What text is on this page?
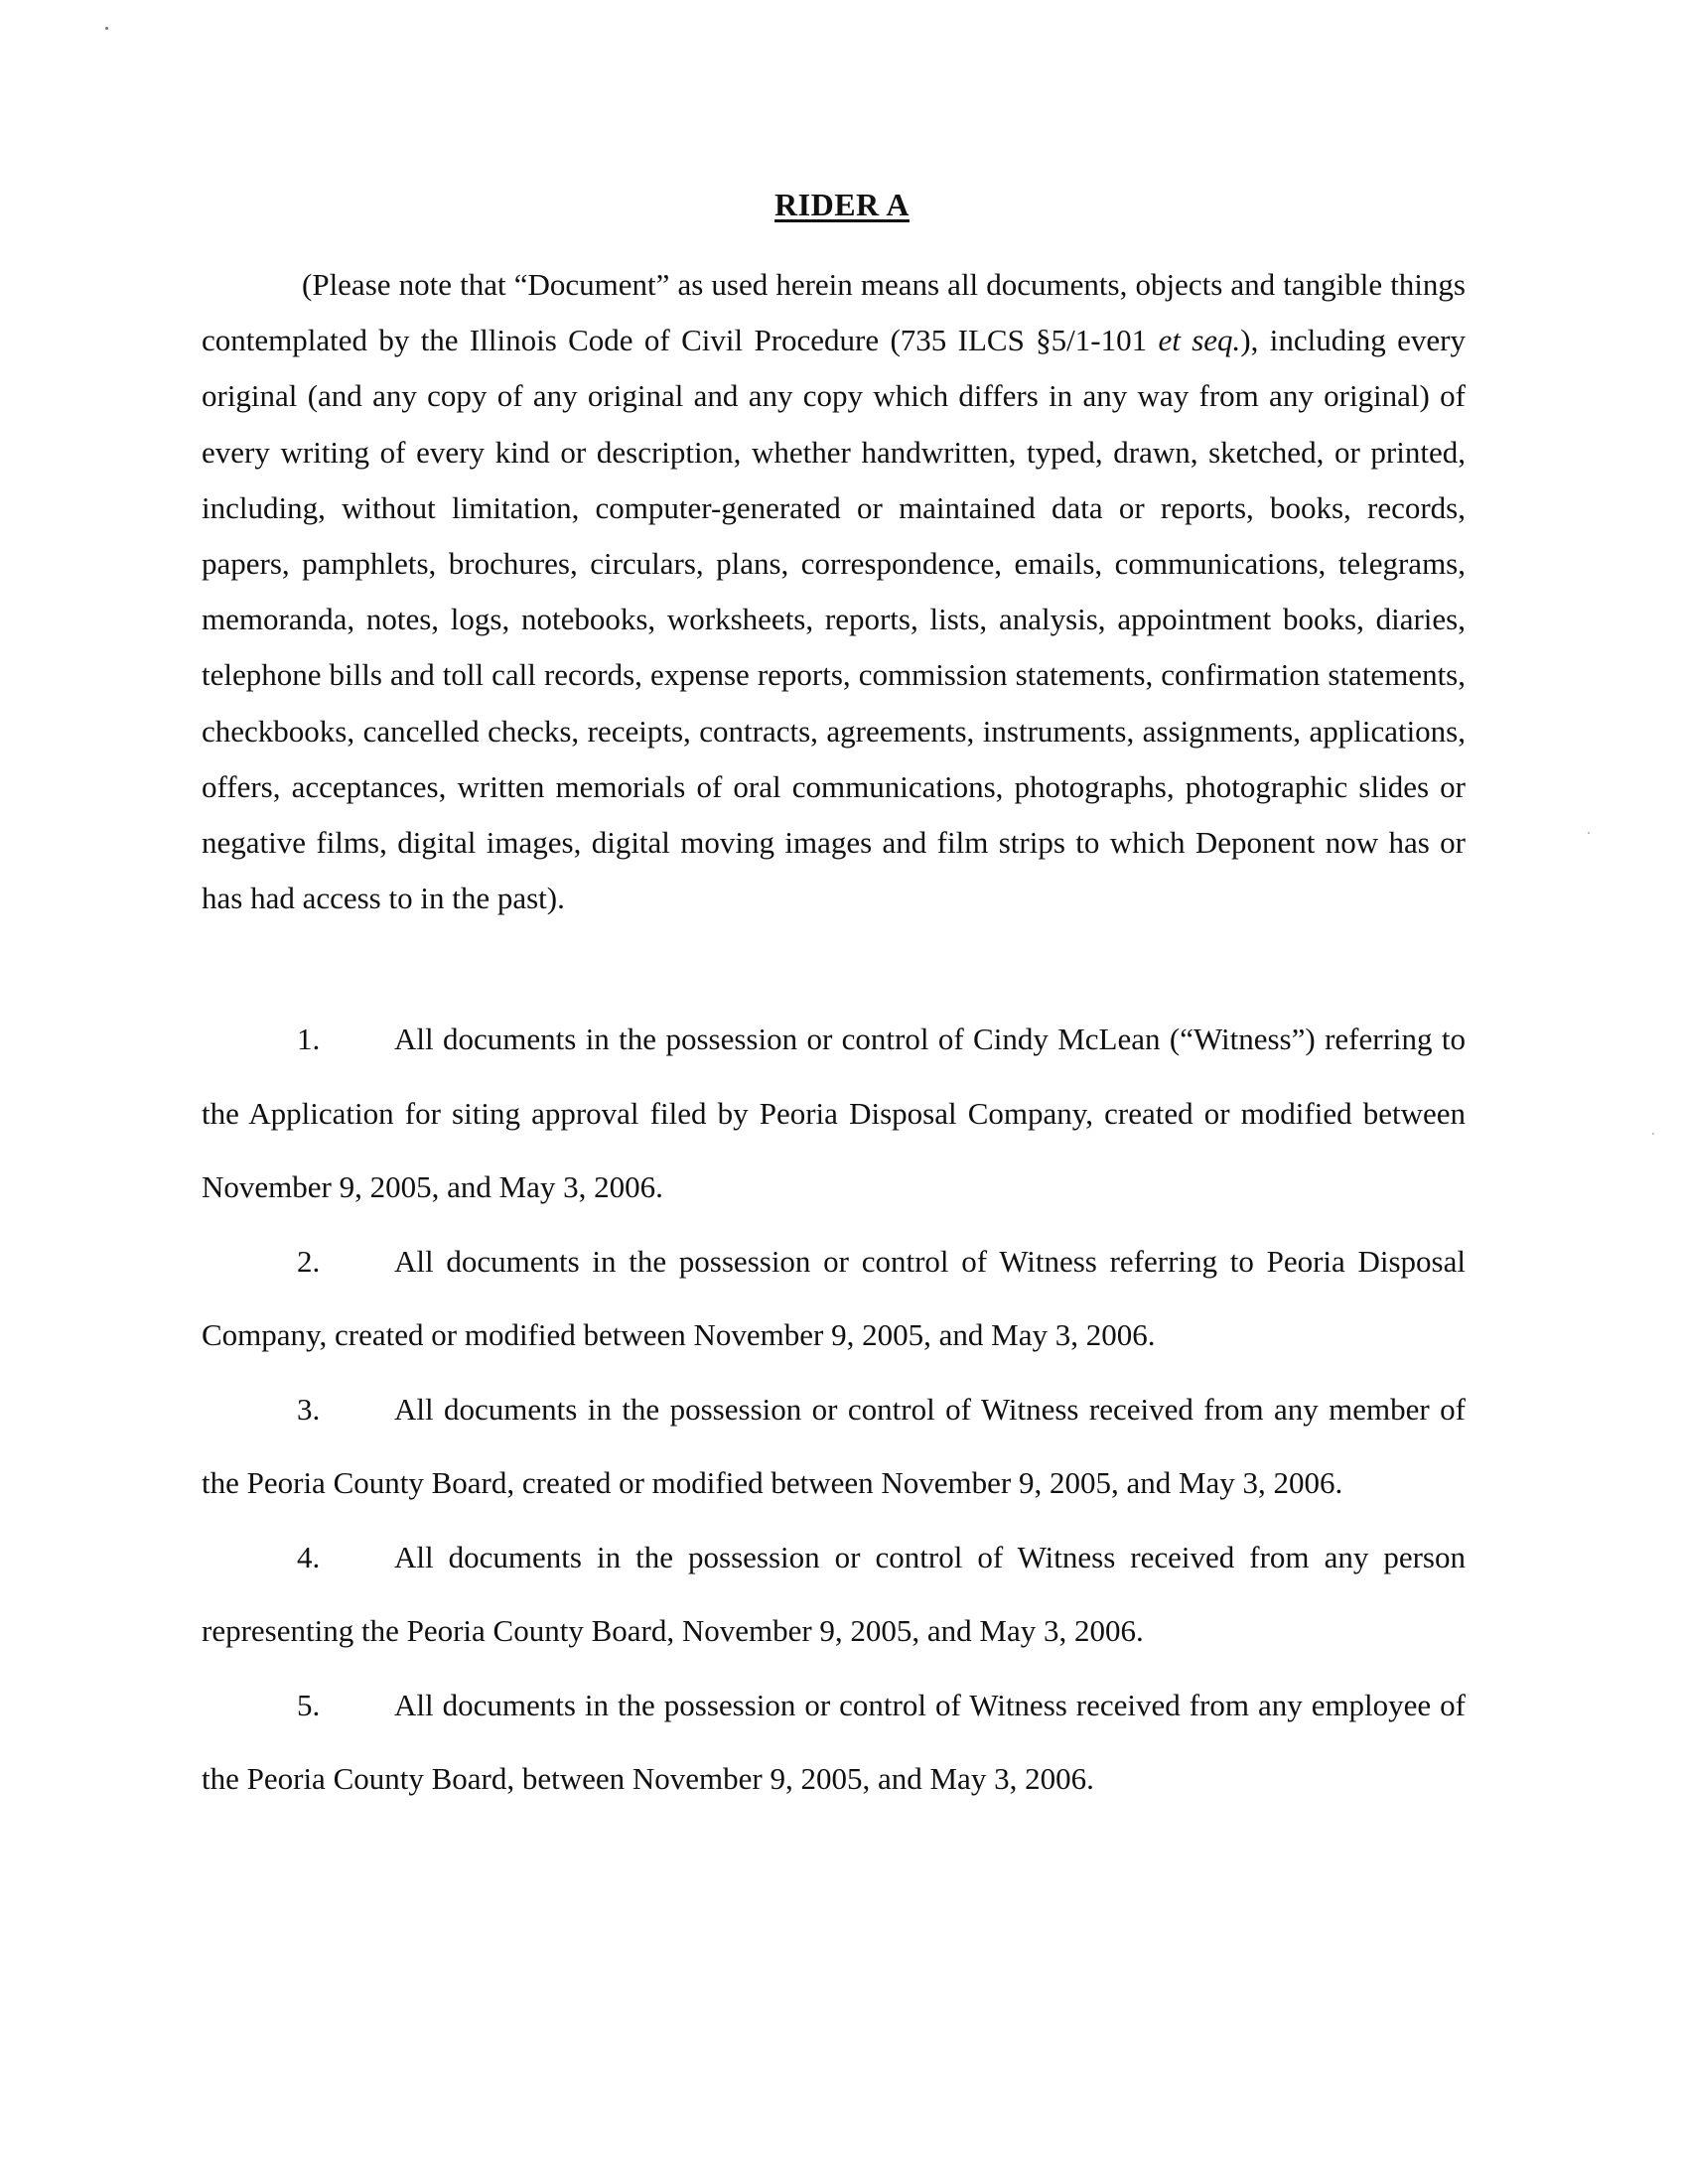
RIDER A

(Please note that “Document” as used herein means all documents, objects and tangible things contemplated by the Illinois Code of Civil Procedure (735 ILCS §5/1-101 et seq.), including every original (and any copy of any original and any copy which differs in any way from any original) of every writing of every kind or description, whether handwritten, typed, drawn, sketched, or printed, including, without limitation, computer-generated or maintained data or reports, books, records, papers, pamphlets, brochures, circulars, plans, correspondence, emails, communications, telegrams, memoranda, notes, logs, notebooks, worksheets, reports, lists, analysis, appointment books, diaries, telephone bills and toll call records, expense reports, commission statements, confirmation statements, checkbooks, cancelled checks, receipts, contracts, agreements, instruments, assignments, applications, offers, acceptances, written memorials of oral communications, photographs, photographic slides or negative films, digital images, digital moving images and film strips to which Deponent now has or has had access to in the past).

1. All documents in the possession or control of Cindy McLean (“Witness”) referring to the Application for siting approval filed by Peoria Disposal Company, created or modified between November 9, 2005, and May 3, 2006.

2. All documents in the possession or control of Witness referring to Peoria Disposal Company, created or modified between November 9, 2005, and May 3, 2006.

3. All documents in the possession or control of Witness received from any member of the Peoria County Board, created or modified between November 9, 2005, and May 3, 2006.

4. All documents in the possession or control of Witness received from any person representing the Peoria County Board, November 9, 2005, and May 3, 2006.

5. All documents in the possession or control of Witness received from any employee of the Peoria County Board, between November 9, 2005, and May 3, 2006.
